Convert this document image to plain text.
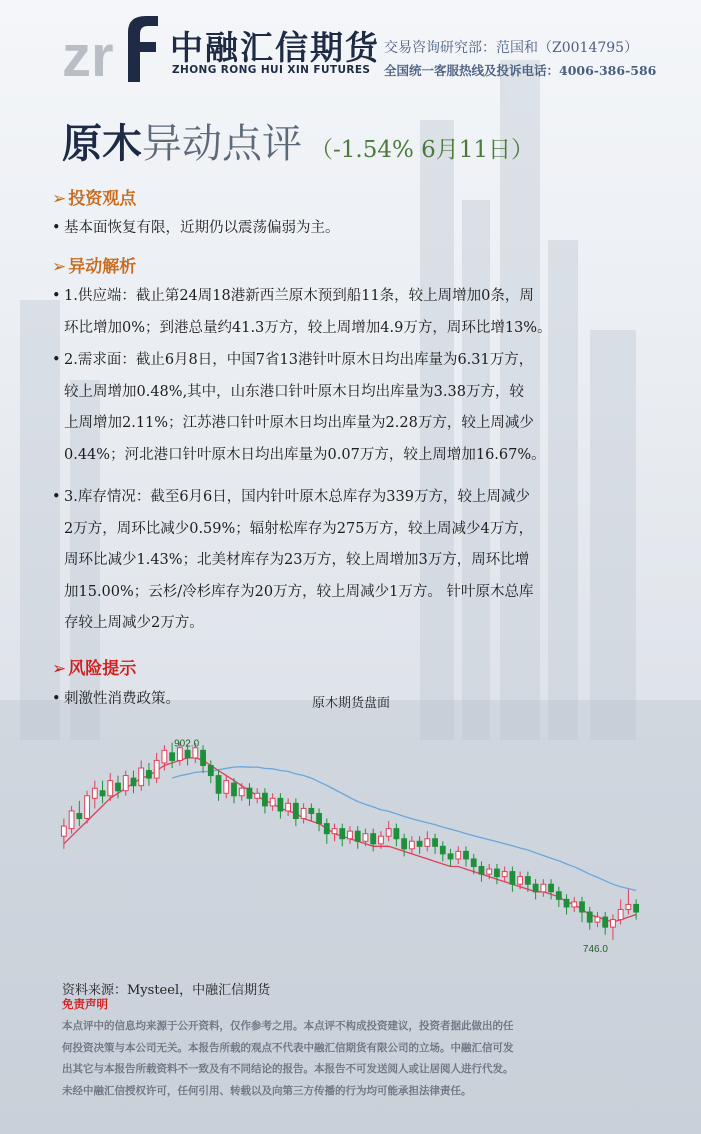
zr 中融汇信期货
ZHONG RONG HUI XIN FUTURES
交易咨询研究部：范国和（Z0014795）
全国统一客服热线及投诉电话：4006-386-586
原木异动点评 （-1.54% 6月11日）
➢ 投资观点
• 基本面恢复有限，近期仍以震荡偏弱为主。
➢ 异动解析
• 1.供应端：截止第24周18港新西兰原木预到船11条，较上周增加0条，周
环比增加0%；到港总量约41.3万方，较上周增加4.9万方，周环比增13%。
• 2.需求面：截止6月8日，中国7省13港针叶原木日均出库量为6.31万方，
较上周增加0.48%,其中，山东港口针叶原木日均出库量为3.38万方，较
上周增加2.11%；江苏港口针叶原木日均出库量为2.28万方，较上周减少
0.44%；河北港口针叶原木日均出库量为0.07万方，较上周增加16.67%。
• 3.库存情况：截至6月6日，国内针叶原木总库存为339万方，较上周减少
2万方，周环比减少0.59%；辐射松库存为275万方，较上周减少4万方，
周环比减少1.43%；北美材库存为23万方，较上周增加3万方，周环比增
加15.00%；云杉/冷杉库存为20万方，较上周减少1万方。 针叶原木总库
存较上周减少2万方。
➢ 风险提示
• 刺激性消费政策。	原木期货盘面
902.0
746.0
资料来源：Mysteel，中融汇信期货
免责声明
本点评中的信息均来源于公开资料，仅作参考之用。本点评不构成投资建议，投资者据此做出的任
何投资决策与本公司无关。本报告所载的观点不代表中融汇信期货有限公司的立场。中融汇信可发
出其它与本报告所载资料不一致及有不同结论的报告。本报告不可发送阅人或让居阅人进行代发。
未经中融汇信授权许可，任何引用、转载以及向第三方传播的行为均可能承担法律责任。
